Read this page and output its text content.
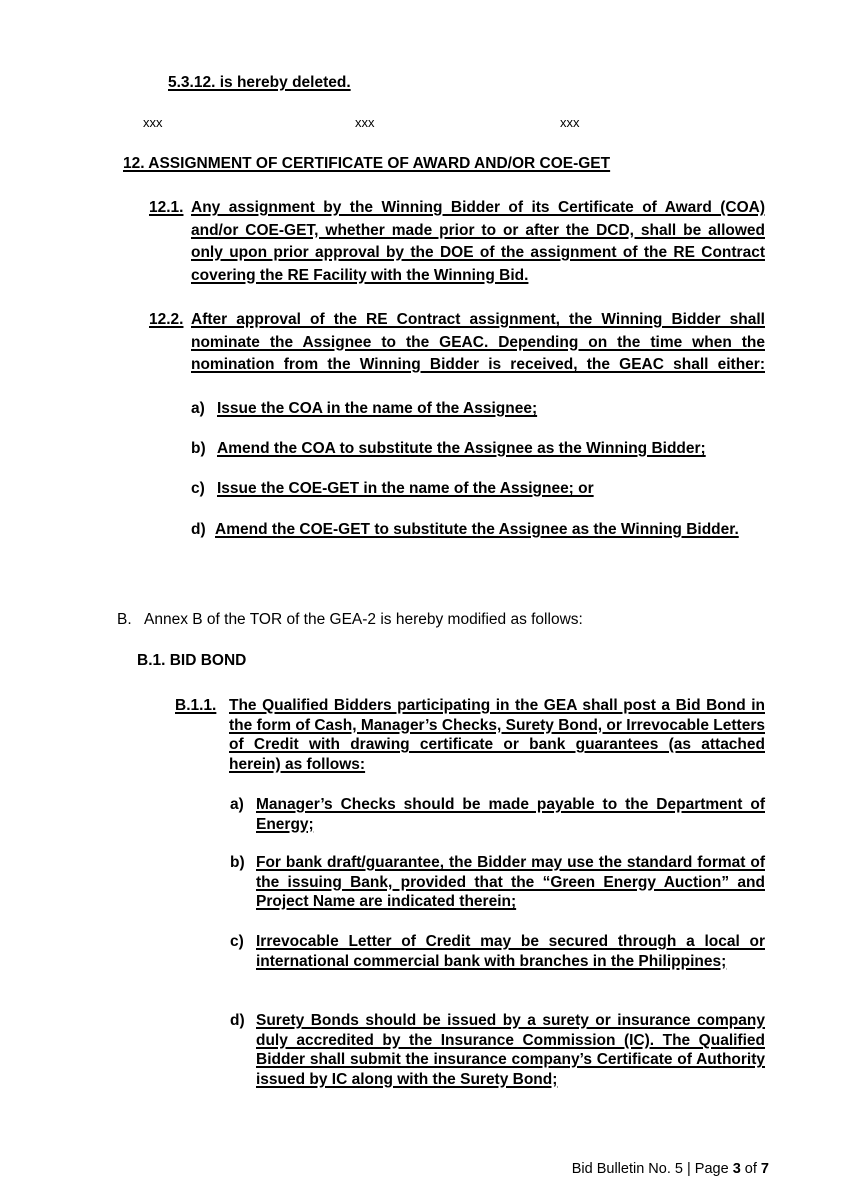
5.3.12. is hereby deleted.
xxx	xxx	xxx
12. ASSIGNMENT OF CERTIFICATE OF AWARD AND/OR COE-GET
12.1. Any assignment by the Winning Bidder of its Certificate of Award (COA) and/or COE-GET, whether made prior to or after the DCD, shall be allowed only upon prior approval by the DOE of the assignment of the RE Contract covering the RE Facility with the Winning Bid.
12.2. After approval of the RE Contract assignment, the Winning Bidder shall nominate the Assignee to the GEAC. Depending on the time when the nomination from the Winning Bidder is received, the GEAC shall either:
a) Issue the COA in the name of the Assignee;
b) Amend the COA to substitute the Assignee as the Winning Bidder;
c) Issue the COE-GET in the name of the Assignee; or
d) Amend the COE-GET to substitute the Assignee as the Winning Bidder.
B. Annex B of the TOR of the GEA-2 is hereby modified as follows:
B.1. BID BOND
B.1.1. The Qualified Bidders participating in the GEA shall post a Bid Bond in the form of Cash, Manager’s Checks, Surety Bond, or Irrevocable Letters of Credit with drawing certificate or bank guarantees (as attached herein) as follows:
a) Manager’s Checks should be made payable to the Department of Energy;
b) For bank draft/guarantee, the Bidder may use the standard format of the issuing Bank, provided that the “Green Energy Auction” and Project Name are indicated therein;
c) Irrevocable Letter of Credit may be secured through a local or international commercial bank with branches in the Philippines;
d) Surety Bonds should be issued by a surety or insurance company duly accredited by the Insurance Commission (IC). The Qualified Bidder shall submit the insurance company’s Certificate of Authority issued by IC along with the Surety Bond;
Bid Bulletin No. 5 | Page 3 of 7
